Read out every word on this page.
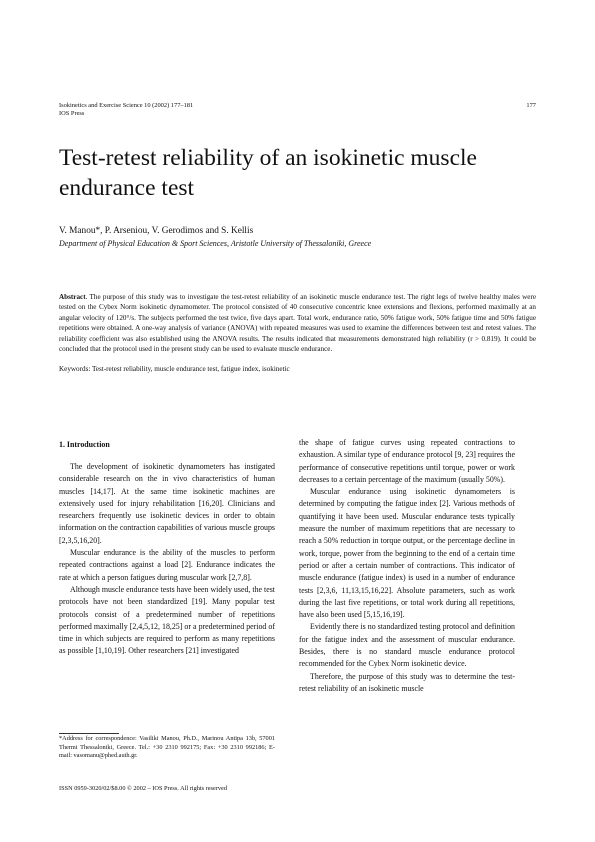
Isokinetics and Exercise Science 10 (2002) 177–181
IOS Press
177
Test-retest reliability of an isokinetic muscle endurance test
V. Manou*, P. Arseniou, V. Gerodimos and S. Kellis
Department of Physical Education & Sport Sciences, Aristotle University of Thessaloniki, Greece
Abstract. The purpose of this study was to investigate the test-retest reliability of an isokinetic muscle endurance test. The right legs of twelve healthy males were tested on the Cybex Norm isokinetic dynamometer. The protocol consisted of 40 consecutive concentric knee extensions and flexions, performed maximally at an angular velocity of 120°/s. The subjects performed the test twice, five days apart. Total work, endurance ratio, 50% fatigue work, 50% fatigue time and 50% fatigue repetitions were obtained. A one-way analysis of variance (ANOVA) with repeated measures was used to examine the differences between test and retest values. The reliability coefficient was also established using the ANOVA results. The results indicated that measurements demonstrated high reliability (r > 0.819). It could be concluded that the protocol used in the present study can be used to evaluate muscle endurance.
Keywords: Test-retest reliability, muscle endurance test, fatigue index, isokinetic
1. Introduction

The development of isokinetic dynamometers has instigated considerable research on the in vivo characteristics of human muscles [14,17]. At the same time isokinetic machines are extensively used for injury rehabilitation [16,20]. Clinicians and researchers frequently use isokinetic devices in order to obtain information on the contraction capabilities of various muscle groups [2,3,5,16,20].

Muscular endurance is the ability of the muscles to perform repeated contractions against a load [2]. Endurance indicates the rate at which a person fatigues during muscular work [2,7,8].

Although muscle endurance tests have been widely used, the test protocols have not been standardized [19]. Many popular test protocols consist of a predetermined number of repetitions performed maximally [2,4,5,12, 18,25] or a predetermined period of time in which subjects are required to perform as many repetitions as possible [1,10,19]. Other researchers [21] investigated

the shape of fatigue curves using repeated contractions to exhaustion. A similar type of endurance protocol [9, 23] requires the performance of consecutive repetitions until torque, power or work decreases to a certain percentage of the maximum (usually 50%).

Muscular endurance using isokinetic dynamometers is determined by computing the fatigue index [2]. Various methods of quantifying it have been used. Muscular endurance tests typically measure the number of maximum repetitions that are necessary to reach a 50% reduction in torque output, or the percentage decline in work, torque, power from the beginning to the end of a certain time period or after a certain number of contractions. This indicator of muscle endurance (fatigue index) is used in a number of endurance tests [2,3,6, 11,13,15,16,22]. Absolute parameters, such as work during the last five repetitions, or total work during all repetitions, have also been used [5,15,16,19].

Evidently there is no standardized testing protocol and definition for the fatigue index and the assessment of muscular endurance. Besides, there is no standard muscle endurance protocol recommended for the Cybex Norm isokinetic device.

Therefore, the purpose of this study was to determine the test-retest reliability of an isokinetic muscle

*Address for correspondence: Vasiliki Manou, Ph.D., Marinou Antipa 13b, 57001 Thermi Thessaloniki, Greece. Tel.: +30 2310 992175; Fax: +30 2310 992186; E-mail: vasomanu@phed.auth.gr.
ISSN 0959-3020/02/$8.00 © 2002 – IOS Press. All rights reserved
